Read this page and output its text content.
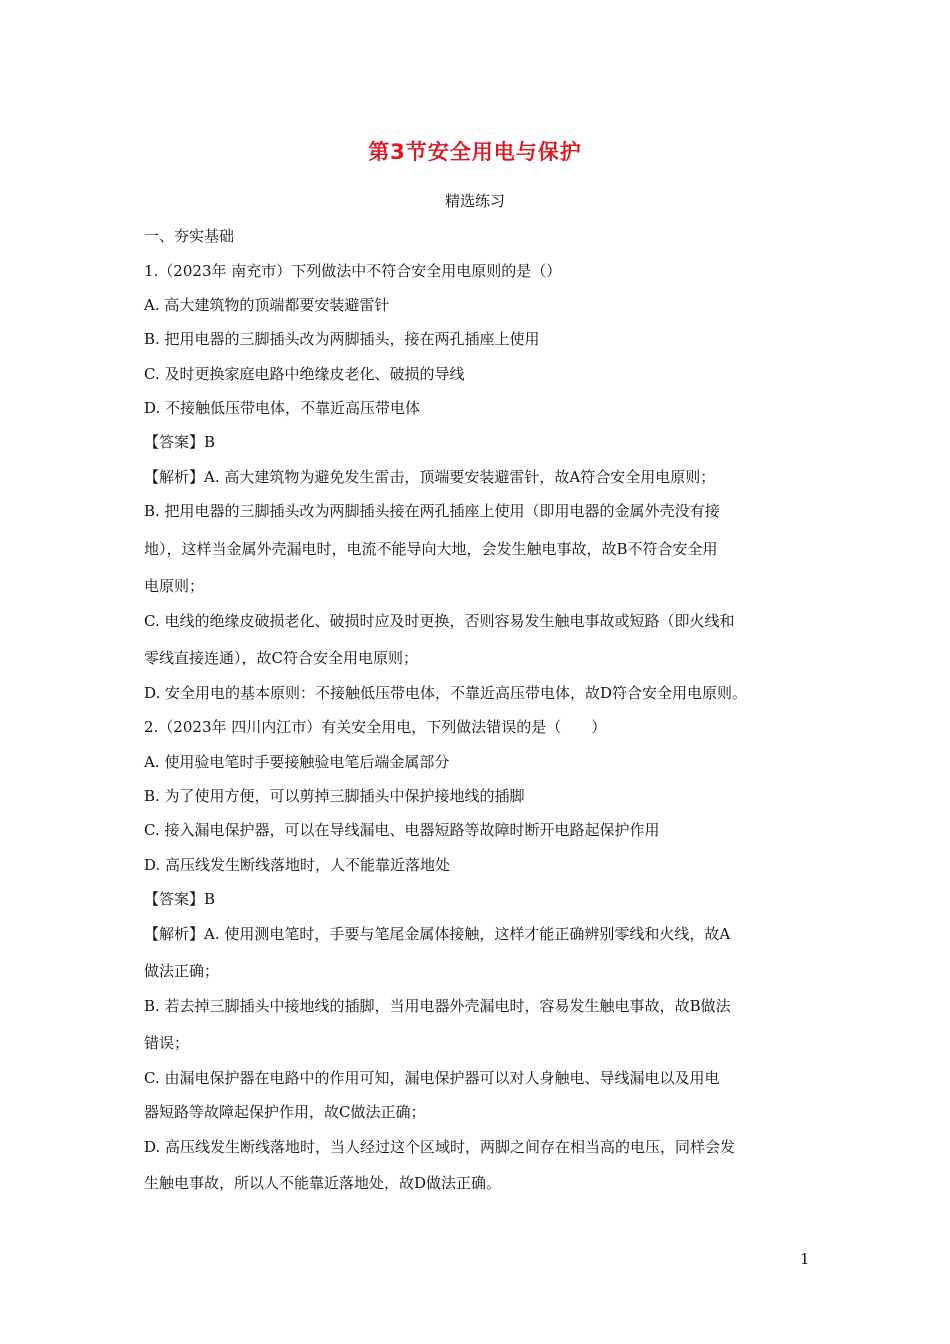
第3节安全用电与保护
精选练习
一、夯实基础
1.（2023年 南充市）下列做法中不符合安全用电原则的是（）
A. 高大建筑物的顶端都要安装避雷针
B. 把用电器的三脚插头改为两脚插头，接在两孔插座上使用
C. 及时更换家庭电路中绝缘皮老化、破损的导线
D. 不接触低压带电体，不靠近高压带电体
【答案】B
【解析】A. 高大建筑物为避免发生雷击，顶端要安装避雷针，故A符合安全用电原则；
B. 把用电器的三脚插头改为两脚插头接在两孔插座上使用（即用电器的金属外壳没有接
地），这样当金属外壳漏电时，电流不能导向大地，会发生触电事故，故B不符合安全用
电原则；
C. 电线的绝缘皮破损老化、破损时应及时更换，否则容易发生触电事故或短路（即火线和
零线直接连通），故C符合安全用电原则；
D. 安全用电的基本原则：不接触低压带电体，不靠近高压带电体，故D符合安全用电原则。
2.（2023年 四川内江市）有关安全用电，下列做法错误的是（　　）
A. 使用验电笔时手要接触验电笔后端金属部分
B. 为了使用方便，可以剪掉三脚插头中保护接地线的插脚
C. 接入漏电保护器，可以在导线漏电、电器短路等故障时断开电路起保护作用
D. 高压线发生断线落地时，人不能靠近落地处
【答案】B
【解析】A. 使用测电笔时，手要与笔尾金属体接触，这样才能正确辨别零线和火线，故A
做法正确；
B. 若去掉三脚插头中接地线的插脚，当用电器外壳漏电时，容易发生触电事故，故B做法
错误；
C. 由漏电保护器在电路中的作用可知，漏电保护器可以对人身触电、导线漏电以及用电
器短路等故障起保护作用，故C做法正确；
D. 高压线发生断线落地时，当人经过这个区域时，两脚之间存在相当高的电压，同样会发
生触电事故，所以人不能靠近落地处，故D做法正确。
1
